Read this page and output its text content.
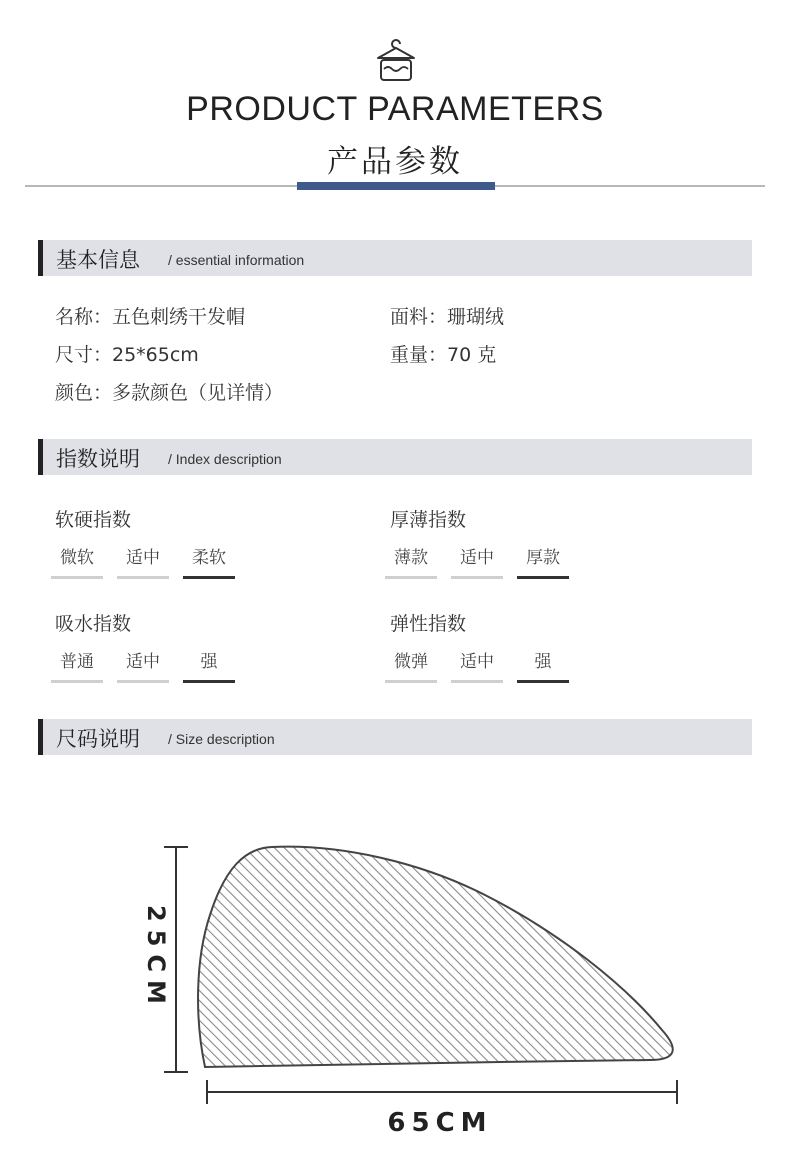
PRODUCT PARAMETERS
产品参数
基本信息 / essential information
名称：五色刺绣干发帽
尺寸：25*65cm
颜色：多款颜色（见详情）
面料：珊瑚绒
重量：70 克
指数说明 / Index description
软硬指数
微软	适中	柔软
厚薄指数
薄款	适中	厚款
吸水指数
普通	适中	强
弹性指数
微弹	适中	强
尺码说明 / Size description
25CM
65CM
